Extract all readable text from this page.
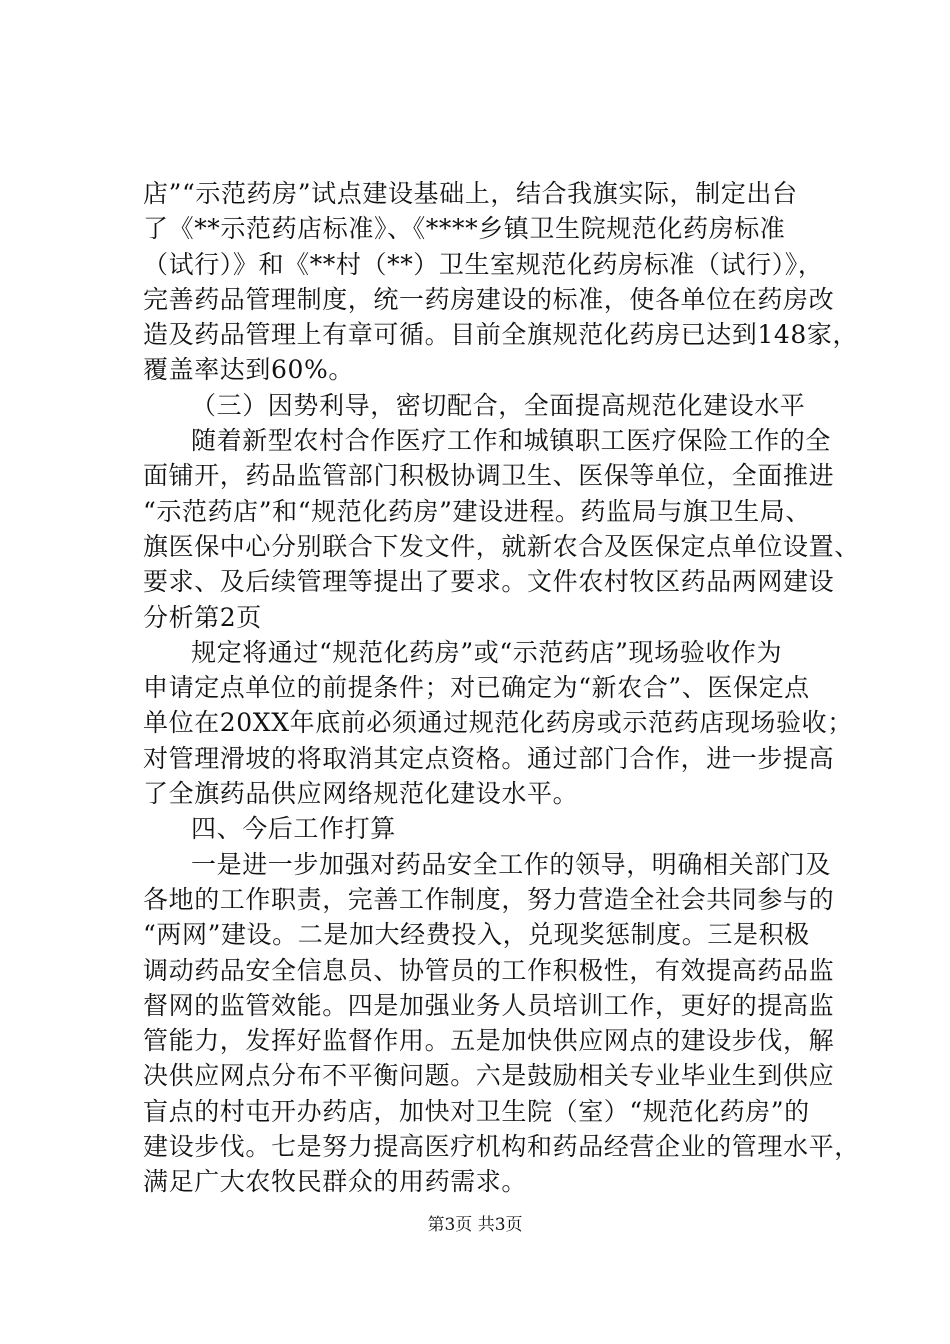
店”“示范药房”试点建设基础上，结合我旗实际，制定出台
了《**示范药店标准》、《****乡镇卫生院规范化药房标准
（试行）》和《**村（**）卫生室规范化药房标准（试行）》，
完善药品管理制度，统一药房建设的标准，使各单位在药房改
造及药品管理上有章可循。目前全旗规范化药房已达到148家，
覆盖率达到60%。
（三）因势利导，密切配合，全面提高规范化建设水平
随着新型农村合作医疗工作和城镇职工医疗保险工作的全
面铺开，药品监管部门积极协调卫生、医保等单位，全面推进
“示范药店”和“规范化药房”建设进程。药监局与旗卫生局、
旗医保中心分别联合下发文件，就新农合及医保定点单位设置、
要求、及后续管理等提出了要求。文件农村牧区药品两网建设
分析第2页
规定将通过“规范化药房”或“示范药店”现场验收作为
申请定点单位的前提条件；对已确定为“新农合”、医保定点
单位在20XX年底前必须通过规范化药房或示范药店现场验收；
对管理滑坡的将取消其定点资格。通过部门合作，进一步提高
了全旗药品供应网络规范化建设水平。
四、今后工作打算
一是进一步加强对药品安全工作的领导，明确相关部门及
各地的工作职责，完善工作制度，努力营造全社会共同参与的
“两网”建设。二是加大经费投入，兑现奖惩制度。三是积极
调动药品安全信息员、协管员的工作积极性，有效提高药品监
督网的监管效能。四是加强业务人员培训工作，更好的提高监
管能力，发挥好监督作用。五是加快供应网点的建设步伐，解
决供应网点分布不平衡问题。六是鼓励相关专业毕业生到供应
盲点的村屯开办药店，加快对卫生院（室）“规范化药房”的
建设步伐。七是努力提高医疗机构和药品经营企业的管理水平，
满足广大农牧民群众的用药需求。
第3页 共3页
